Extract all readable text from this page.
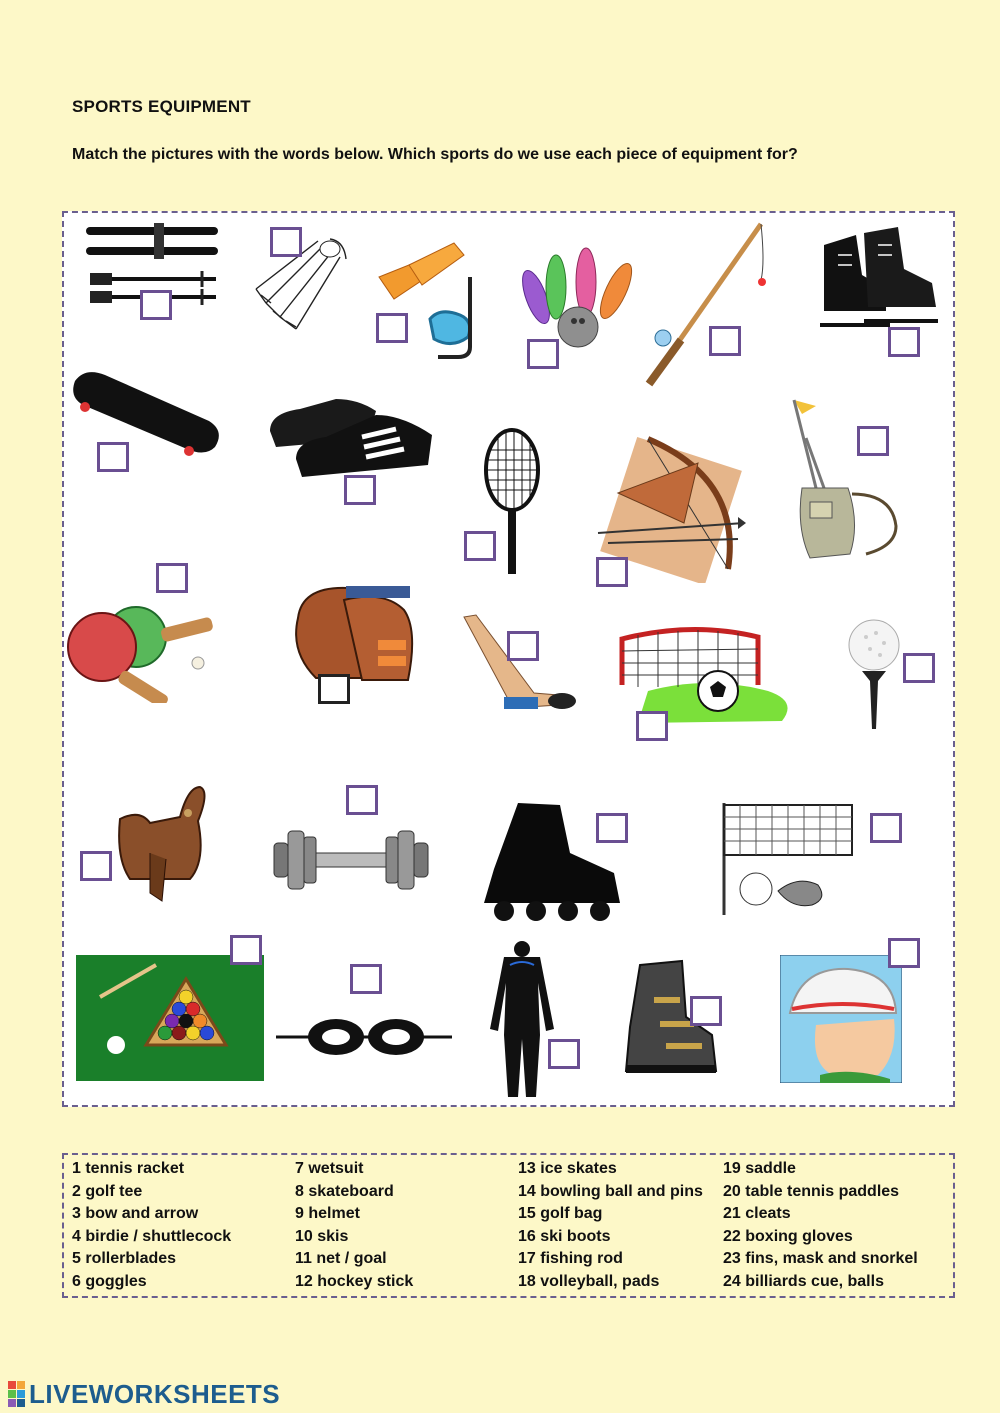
SPORTS EQUIPMENT
Match the pictures with the words below. Which sports do we use each piece of equipment for?
1 tennis racket
2 golf tee
3 bow and arrow
4 birdie / shuttlecock
5 rollerblades
6 goggles
7 wetsuit
8 skateboard
9 helmet
10 skis
11 net / goal
12 hockey stick
13 ice skates
14 bowling ball and pins
15 golf bag
16 ski boots
17 fishing rod
18 volleyball, pads
19 saddle
20 table tennis paddles
21 cleats
22 boxing gloves
23 fins, mask and snorkel
24 billiards cue, balls
LIVEWORKSHEETS
